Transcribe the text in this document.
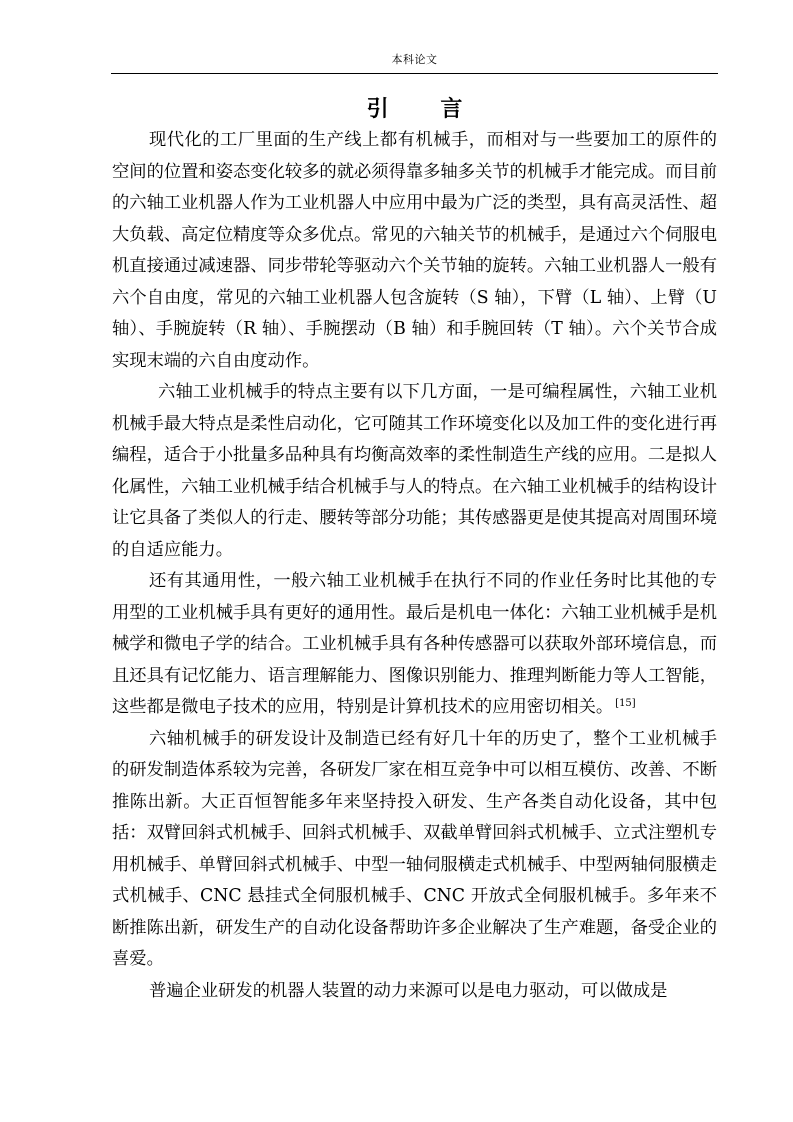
本科论文
引 言

现代化的工厂里面的生产线上都有机械手，而相对与一些要加工的原件的空间的位置和姿态变化较多的就必须得靠多轴多关节的机械手才能完成。而目前的六轴工业机器人作为工业机器人中应用中最为广泛的类型，具有高灵活性、超大负载、高定位精度等众多优点。常见的六轴关节的机械手，是通过六个伺服电机直接通过减速器、同步带轮等驱动六个关节轴的旋转。六轴工业机器人一般有六个自由度，常见的六轴工业机器人包含旋转（S 轴），下臂（L 轴）、上臂（U 轴）、手腕旋转（R 轴）、手腕摆动（B 轴）和手腕回转（T 轴）。六个关节合成实现末端的六自由度动作。

六轴工业机械手的特点主要有以下几方面，一是可编程属性，六轴工业机机械手最大特点是柔性启动化，它可随其工作环境变化以及加工件的变化进行再编程，适合于小批量多品种具有均衡高效率的柔性制造生产线的应用。二是拟人化属性，六轴工业机械手结合机械手与人的特点。在六轴工业机械手的结构设计让它具备了类似人的行走、腰转等部分功能；其传感器更是使其提高对周围环境的自适应能力。

还有其通用性，一般六轴工业机械手在执行不同的作业任务时比其他的专用型的工业机械手具有更好的通用性。最后是机电一体化：六轴工业机械手是机械学和微电子学的结合。工业机械手具有各种传感器可以获取外部环境信息，而且还具有记忆能力、语言理解能力、图像识别能力、推理判断能力等人工智能，这些都是微电子技术的应用，特别是计算机技术的应用密切相关。 [15]

六轴机械手的研发设计及制造已经有好几十年的历史了，整个工业机械手的研发制造体系较为完善，各研发厂家在相互竞争中可以相互模仿、改善、不断推陈出新。大正百恒智能多年来坚持投入研发、生产各类自动化设备，其中包括：双臂回斜式机械手、回斜式机械手、双截单臂回斜式机械手、立式注塑机专用机械手、单臂回斜式机械手、中型一轴伺服横走式机械手、中型两轴伺服横走式机械手、CNC 悬挂式全伺服机械手、CNC 开放式全伺服机械手。多年来不断推陈出新，研发生产的自动化设备帮助许多企业解决了生产难题，备受企业的喜爱。

普遍企业研发的机器人装置的动力来源可以是电力驱动，可以做成是
